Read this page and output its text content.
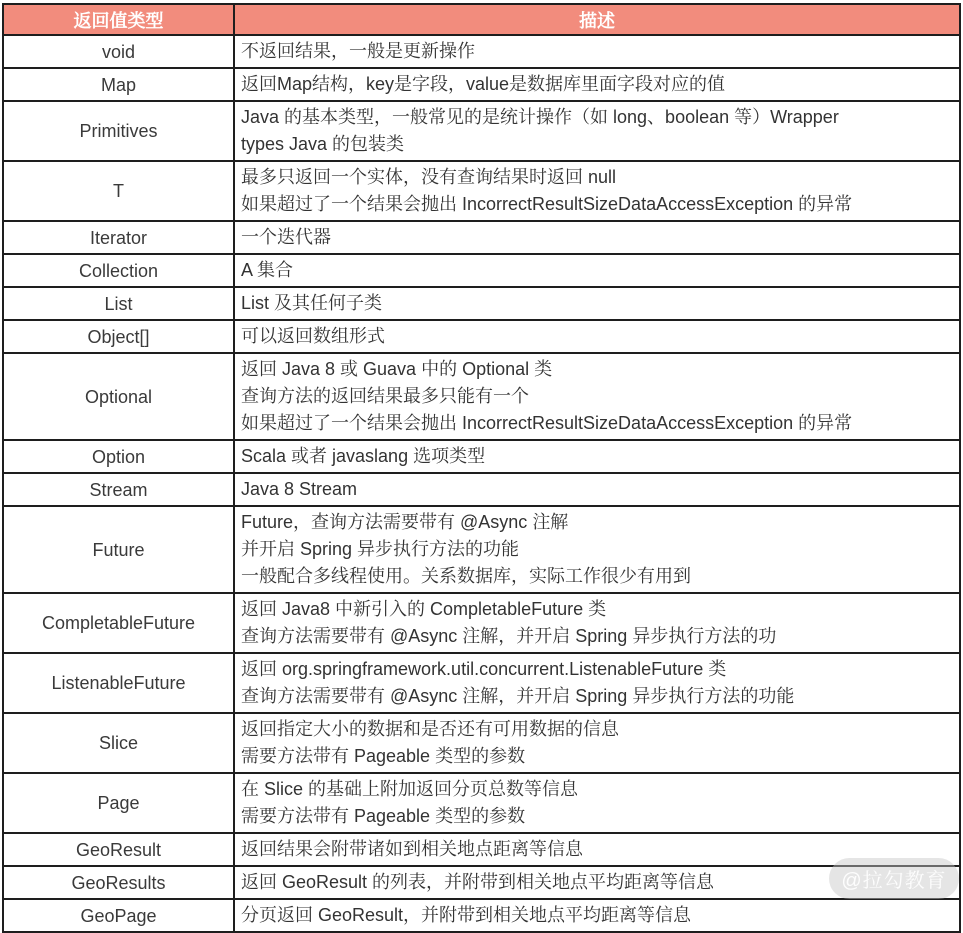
返回值类型	描述
void	不返回结果，一般是更新操作

Map	返回Map结构，key是字段，value是数据库里面字段对应的值

Primitives	Java 的基本类型，一般常见的是统计操作（如 long、boolean 等）Wrapper
types Java 的包装类

T	最多只返回一个实体，没有查询结果时返回 null
如果超过了一个结果会抛出 IncorrectResultSizeDataAccessException 的异常

Iterator	一个迭代器

Collection	A 集合

List	List 及其任何子类

Object[]	可以返回数组形式

Optional	返回 Java 8 或 Guava 中的 Optional 类
查询方法的返回结果最多只能有一个
如果超过了一个结果会抛出 IncorrectResultSizeDataAccessException 的异常

Option	Scala 或者 javaslang 选项类型

Stream	Java 8 Stream

Future	Future，查询方法需要带有 @Async 注解
并开启 Spring 异步执行方法的功能
一般配合多线程使用。关系数据库，实际工作很少有用到

CompletableFuture	返回 Java8 中新引入的 CompletableFuture 类
查询方法需要带有 @Async 注解，并开启 Spring 异步执行方法的功

ListenableFuture	返回 org.springframework.util.concurrent.ListenableFuture 类
查询方法需要带有 @Async 注解，并开启 Spring 异步执行方法的功能

Slice	返回指定大小的数据和是否还有可用数据的信息
需要方法带有 Pageable 类型的参数

Page	在 Slice 的基础上附加返回分页总数等信息
需要方法带有 Pageable 类型的参数

GeoResult	返回结果会附带诸如到相关地点距离等信息

GeoResults	返回 GeoResult 的列表，并附带到相关地点平均距离等信息

GeoPage	分页返回 GeoResult，并附带到相关地点平均距离等信息
@拉勾教育
